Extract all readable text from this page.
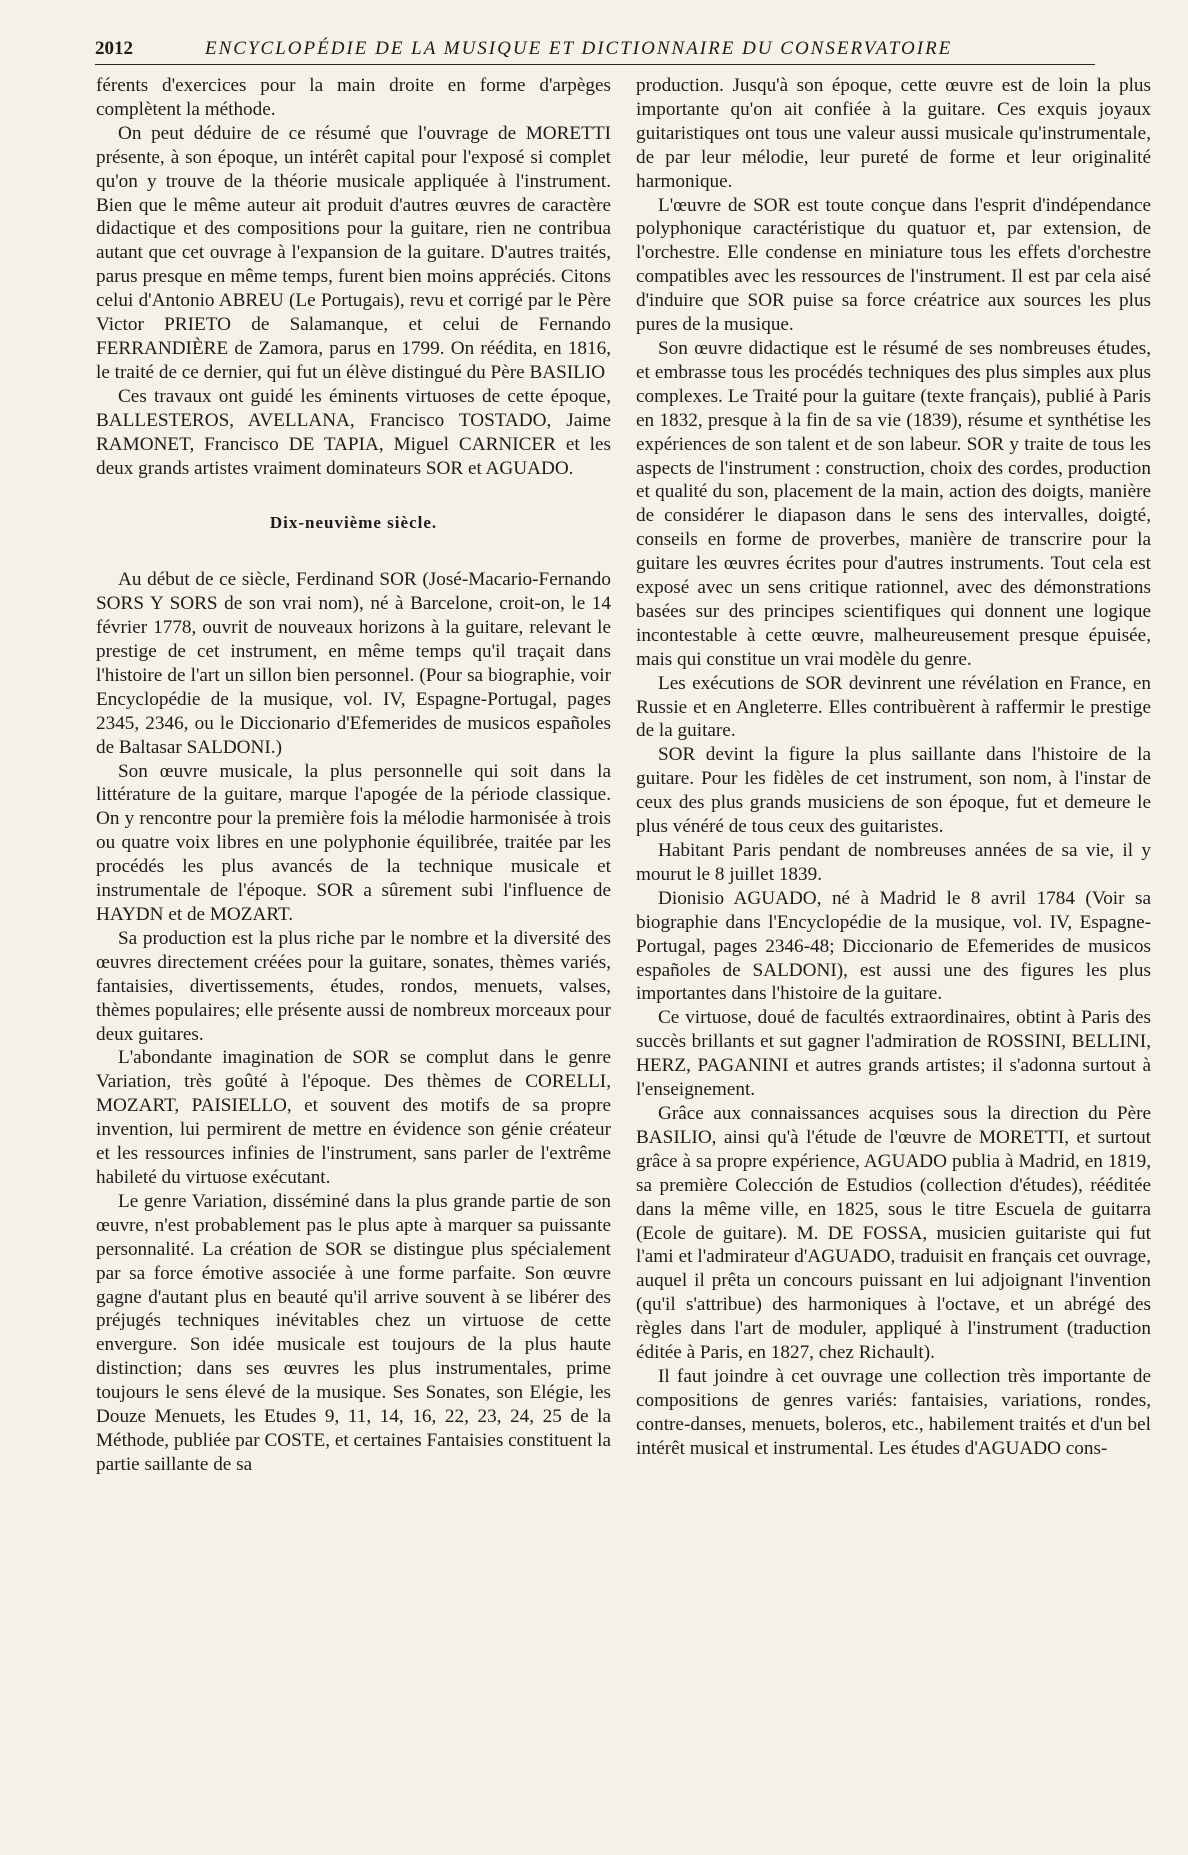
2012	ENCYCLOPÉDIE DE LA MUSIQUE ET DICTIONNAIRE DU CONSERVATOIRE

férents d'exercices pour la main droite en forme d'arpèges complètent la méthode.

On peut déduire de ce résumé que l'ouvrage de MORETTI présente, à son époque, un intérêt capital pour l'exposé si complet qu'on y trouve de la théorie musicale appliquée à l'instrument. Bien que le même auteur ait produit d'autres œuvres de caractère didactique et des compositions pour la guitare, rien ne contribua autant que cet ouvrage à l'expansion de la guitare. D'autres traités, parus presque en même temps, furent bien moins appréciés. Citons celui d'Antonio ABREU (Le Portugais), revu et corrigé par le Père Victor PRIETO de Salamanque, et celui de Fernando FERRANDIÈRE de Zamora, parus en 1799. On réédita, en 1816, le traité de ce dernier, qui fut un élève distingué du Père BASILIO

Ces travaux ont guidé les éminents virtuoses de cette époque, BALLESTEROS, AVELLANA, Francisco TOSTADO, Jaime RAMONET, Francisco DE TAPIA, Miguel CARNICER et les deux grands artistes vraiment dominateurs SOR et AGUADO.

Dix-neuvième siècle.

Au début de ce siècle, Ferdinand SOR (José-Macario-Fernando SORS Y SORS de son vrai nom), né à Barcelone, croit-on, le 14 février 1778, ouvrit de nouveaux horizons à la guitare, relevant le prestige de cet instrument, en même temps qu'il traçait dans l'histoire de l'art un sillon bien personnel. (Pour sa biographie, voir Encyclopédie de la musique, vol. IV, Espagne-Portugal, pages 2345, 2346, ou le Diccionario d'Efemerides de musicos españoles de Baltasar SALDONI.)

Son œuvre musicale, la plus personnelle qui soit dans la littérature de la guitare, marque l'apogée de la période classique. On y rencontre pour la première fois la mélodie harmonisée à trois ou quatre voix libres en une polyphonie équilibrée, traitée par les procédés les plus avancés de la technique musicale et instrumentale de l'époque. SOR a sûrement subi l'influence de HAYDN et de MOZART.

Sa production est la plus riche par le nombre et la diversité des œuvres directement créées pour la guitare, sonates, thèmes variés, fantaisies, divertissements, études, rondos, menuets, valses, thèmes populaires; elle présente aussi de nombreux morceaux pour deux guitares.

L'abondante imagination de SOR se complut dans le genre Variation, très goûté à l'époque. Des thèmes de CORELLI, MOZART, PAISIELLO, et souvent des motifs de sa propre invention, lui permirent de mettre en évidence son génie créateur et les ressources infinies de l'instrument, sans parler de l'extrême habileté du virtuose exécutant.

Le genre Variation, disséminé dans la plus grande partie de son œuvre, n'est probablement pas le plus apte à marquer sa puissante personnalité. La création de SOR se distingue plus spécialement par sa force émotive associée à une forme parfaite. Son œuvre gagne d'autant plus en beauté qu'il arrive souvent à se libérer des préjugés techniques inévitables chez un virtuose de cette envergure. Son idée musicale est toujours de la plus haute distinction; dans ses œuvres les plus instrumentales, prime toujours le sens élevé de la musique. Ses Sonates, son Elégie, les Douze Menuets, les Etudes 9, 11, 14, 16, 22, 23, 24, 25 de la Méthode, publiée par COSTE, et certaines Fantaisies constituent la partie saillante de sa

production. Jusqu'à son époque, cette œuvre est de loin la plus importante qu'on ait confiée à la guitare. Ces exquis joyaux guitaristiques ont tous une valeur aussi musicale qu'instrumentale, de par leur mélodie, leur pureté de forme et leur originalité harmonique.

L'œuvre de SOR est toute conçue dans l'esprit d'indépendance polyphonique caractéristique du quatuor et, par extension, de l'orchestre. Elle condense en miniature tous les effets d'orchestre compatibles avec les ressources de l'instrument. Il est par cela aisé d'induire que SOR puise sa force créatrice aux sources les plus pures de la musique.

Son œuvre didactique est le résumé de ses nombreuses études, et embrasse tous les procédés techniques des plus simples aux plus complexes. Le Traité pour la guitare (texte français), publié à Paris en 1832, presque à la fin de sa vie (1839), résume et synthétise les expériences de son talent et de son labeur. SOR y traite de tous les aspects de l'instrument : construction, choix des cordes, production et qualité du son, placement de la main, action des doigts, manière de considérer le diapason dans le sens des intervalles, doigté, conseils en forme de proverbes, manière de transcrire pour la guitare les œuvres écrites pour d'autres instruments. Tout cela est exposé avec un sens critique rationnel, avec des démonstrations basées sur des principes scientifiques qui donnent une logique incontestable à cette œuvre, malheureusement presque épuisée, mais qui constitue un vrai modèle du genre.

Les exécutions de SOR devinrent une révélation en France, en Russie et en Angleterre. Elles contribuèrent à raffermir le prestige de la guitare.

SOR devint la figure la plus saillante dans l'histoire de la guitare. Pour les fidèles de cet instrument, son nom, à l'instar de ceux des plus grands musiciens de son époque, fut et demeure le plus vénéré de tous ceux des guitaristes.

Habitant Paris pendant de nombreuses années de sa vie, il y mourut le 8 juillet 1839.

Dionisio AGUADO, né à Madrid le 8 avril 1784 (Voir sa biographie dans l'Encyclopédie de la musique, vol. IV, Espagne-Portugal, pages 2346-48; Diccionario de Efemerides de musicos españoles de SALDONI), est aussi une des figures les plus importantes dans l'histoire de la guitare.

Ce virtuose, doué de facultés extraordinaires, obtint à Paris des succès brillants et sut gagner l'admiration de ROSSINI, BELLINI, HERZ, PAGANINI et autres grands artistes; il s'adonna surtout à l'enseignement.

Grâce aux connaissances acquises sous la direction du Père BASILIO, ainsi qu'à l'étude de l'œuvre de MORETTI, et surtout grâce à sa propre expérience, AGUADO publia à Madrid, en 1819, sa première Colección de Estudios (collection d'études), rééditée dans la même ville, en 1825, sous le titre Escuela de guitarra (Ecole de guitare). M. DE FOSSA, musicien guitariste qui fut l'ami et l'admirateur d'AGUADO, traduisit en français cet ouvrage, auquel il prêta un concours puissant en lui adjoignant l'invention (qu'il s'attribue) des harmoniques à l'octave, et un abrégé des règles dans l'art de moduler, appliqué à l'instrument (traduction éditée à Paris, en 1827, chez Richault).

Il faut joindre à cet ouvrage une collection très importante de compositions de genres variés: fantaisies, variations, rondes, contre-danses, menuets, boleros, etc., habilement traités et d'un bel intérêt musical et instrumental. Les études d'AGUADO cons-
